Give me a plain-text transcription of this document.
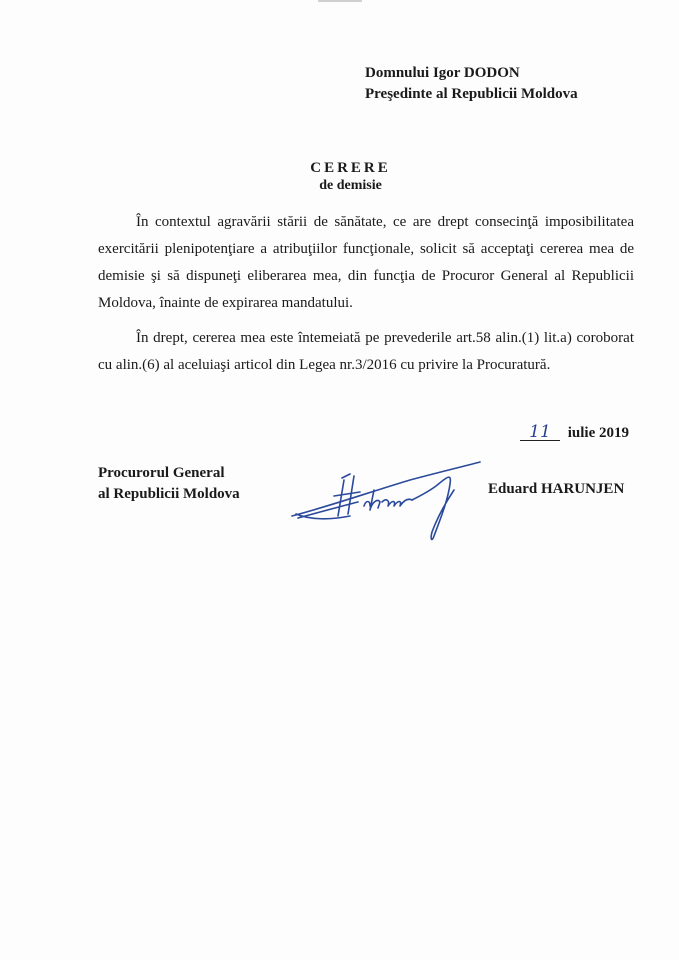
Domnului Igor DODON
Preşedinte al Republicii Moldova
CERERE
de demisie

În contextul agravării stării de sănătate, ce are drept consecinţă imposibilitatea exercitării plenipotenţiare a atribuţiilor funcţionale, solicit să acceptaţi cererea mea de demisie şi să dispuneţi eliberarea mea, din funcţia de Procuror General al Republicii Moldova, înainte de expirarea mandatului.

În drept, cererea mea este întemeiată pe prevederile art.58 alin.(1) lit.a) coroborat cu alin.(6) al aceluiaşi articol din Legea nr.3/2016 cu privire la Procuratură.

11 iulie 2019
Procurorul General
al Republicii Moldova	Eduard HARUNJEN
